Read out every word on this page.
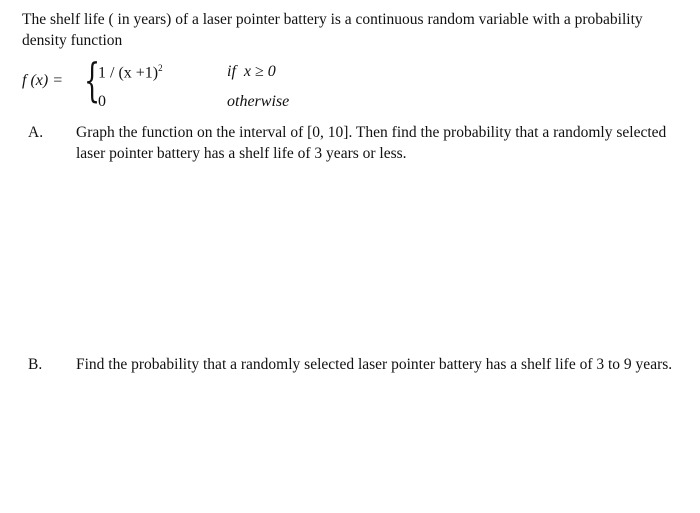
The shelf life ( in years) of a laser pointer battery is a continuous random variable with a probability density function
f (x) = {
$1 / (x +1)^2$	if  x ≥ 0
0	otherwise
A. Graph the function on the interval of [0, 10]. Then find the probability that a randomly selected laser pointer battery has a shelf life of 3 years or less.
B. Find the probability that a randomly selected laser pointer battery has a shelf life of 3 to 9 years.
